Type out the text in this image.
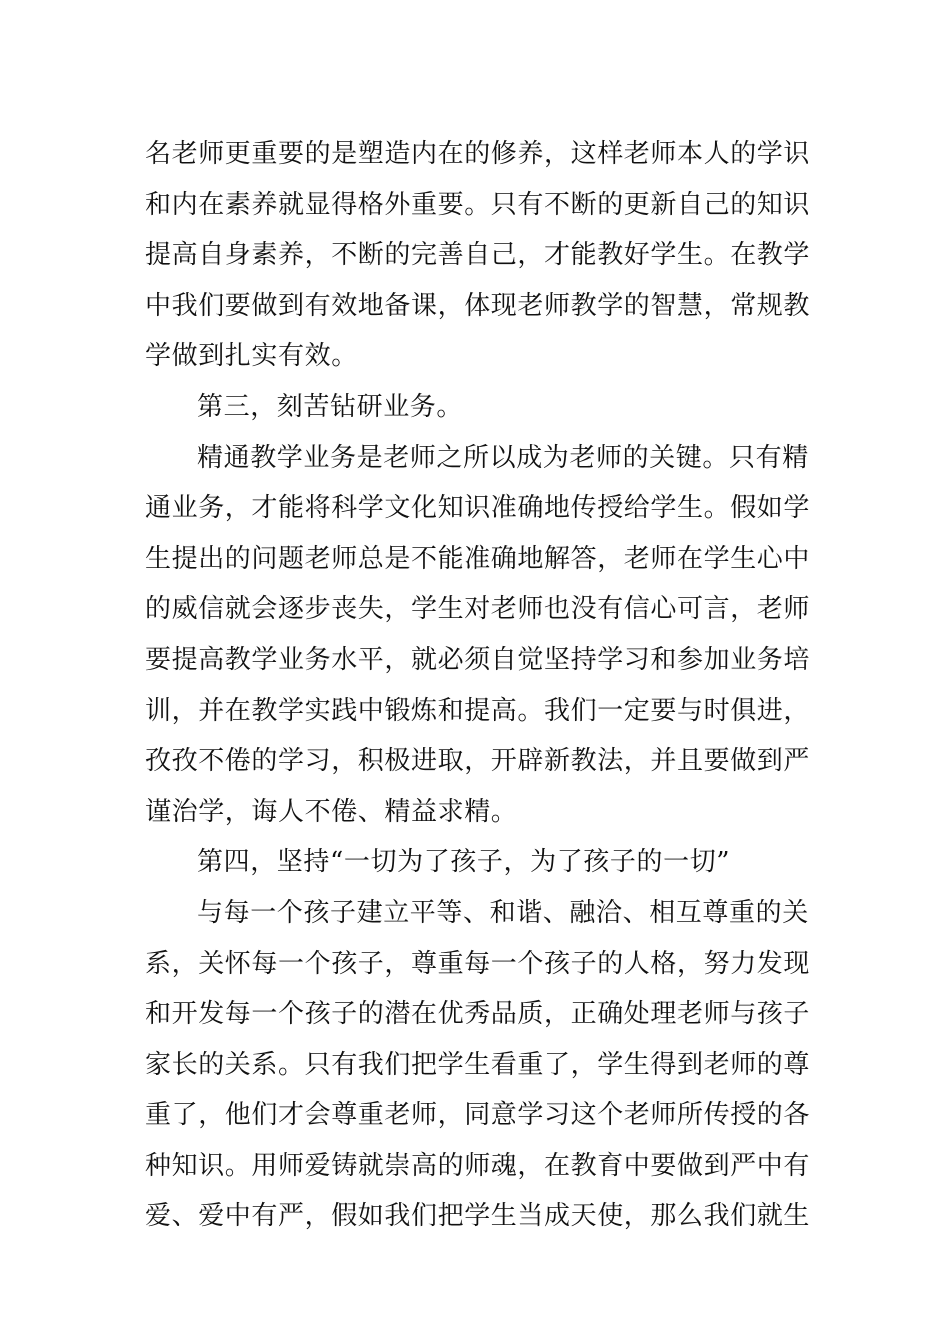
名老师更重要的是塑造内在的修养，这样老师本人的学识
和内在素养就显得格外重要。只有不断的更新自己的知识
提高自身素养，不断的完善自己，才能教好学生。在教学
中我们要做到有效地备课，体现老师教学的智慧，常规教
学做到扎实有效。
第三，刻苦钻研业务。
精通教学业务是老师之所以成为老师的关键。只有精
通业务，才能将科学文化知识准确地传授给学生。假如学
生提出的问题老师总是不能准确地解答，老师在学生心中
的威信就会逐步丧失，学生对老师也没有信心可言，老师
要提高教学业务水平，就必须自觉坚持学习和参加业务培
训，并在教学实践中锻炼和提高。我们一定要与时俱进，
孜孜不倦的学习，积极进取，开辟新教法，并且要做到严
谨治学，诲人不倦、精益求精。
第四，坚持“一切为了孩子，为了孩子的一切”
与每一个孩子建立平等、和谐、融洽、相互尊重的关
系，关怀每一个孩子，尊重每一个孩子的人格，努力发现
和开发每一个孩子的潜在优秀品质，正确处理老师与孩子
家长的关系。只有我们把学生看重了，学生得到老师的尊
重了，他们才会尊重老师，同意学习这个老师所传授的各
种知识。用师爱铸就崇高的师魂，在教育中要做到严中有
爱、爱中有严，假如我们把学生当成天使，那么我们就生
